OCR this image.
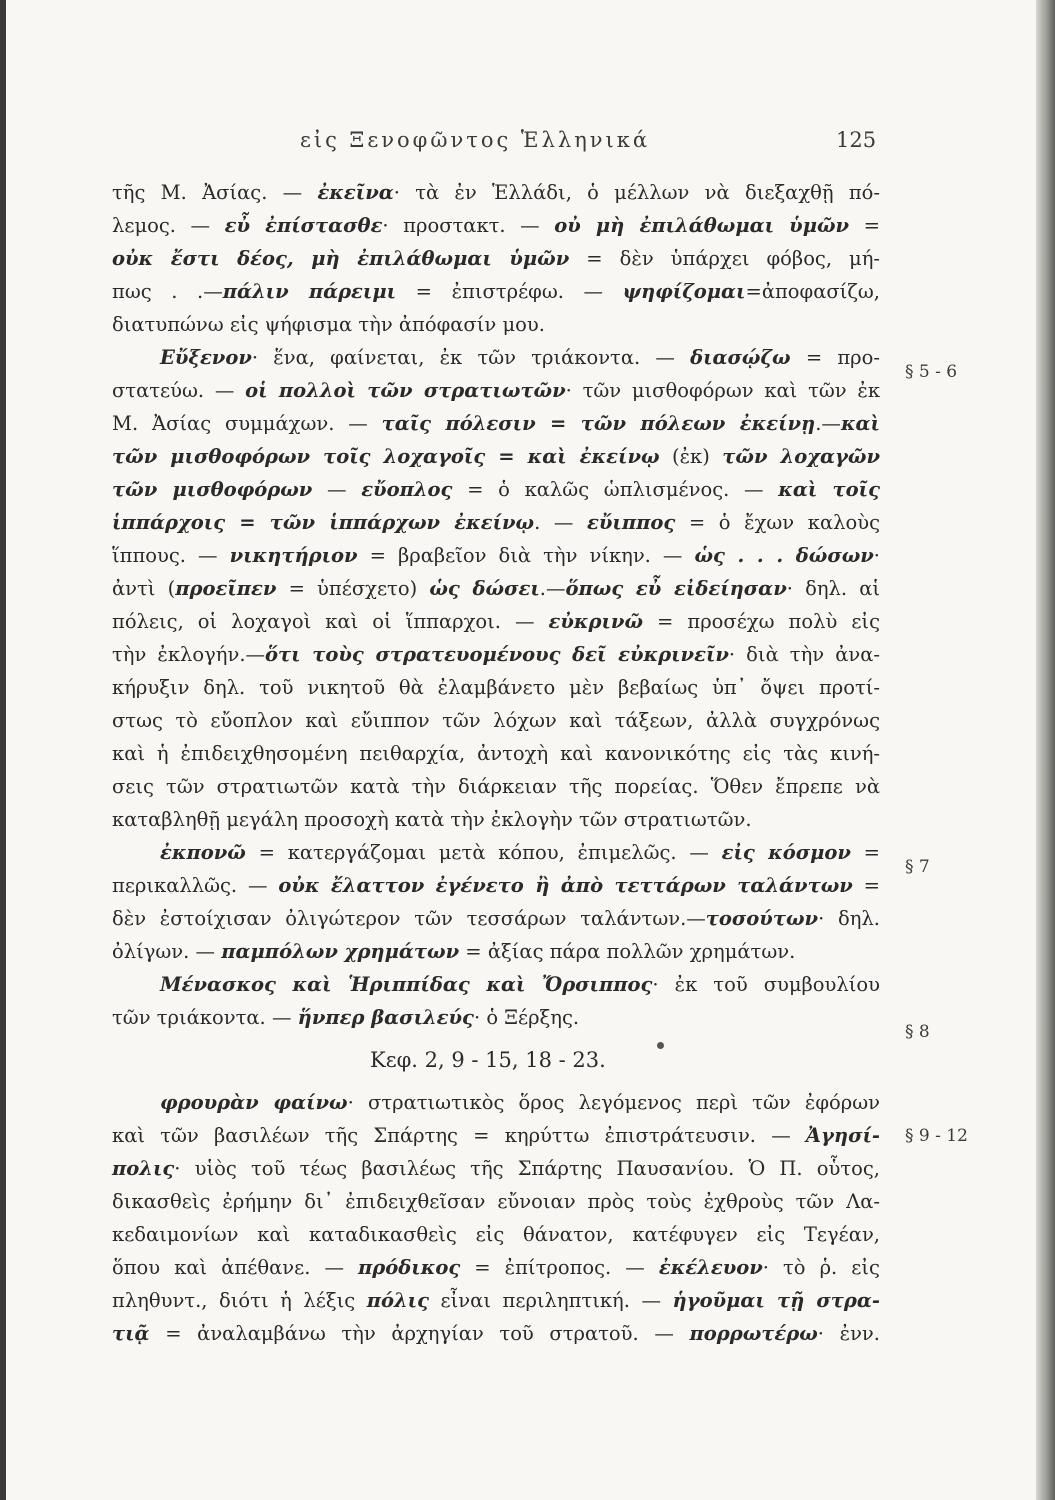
εἰς Ξενοφῶντος Ἑλληνικά	125
τῆς Μ. Ἀσίας. — ἐκεῖνα· τὰ ἐν Ἑλλάδι, ὁ μέλλων νὰ διεξαχθῇ πό-
λεμος. — εὖ ἐπίστασθε· προστακτ. — οὐ μὴ ἐπιλάθωμαι ὑμῶν =
οὐκ ἔστι δέος, μὴ ἐπιλάθωμαι ὑμῶν = δὲν ὑπάρχει φόβος, μή-
πως . .—πάλιν πάρειμι = ἐπιστρέφω. — ψηφίζομαι=ἀποφασίζω,
διατυπώνω εἰς ψήφισμα τὴν ἀπόφασίν μου.
Εὔξενον· ἕνα, φαίνεται, ἐκ τῶν τριάκοντα. — διασῴζω = προ-
στατεύω. — οἱ πολλοὶ τῶν στρατιωτῶν· τῶν μισθοφόρων καὶ τῶν ἐκ
Μ. Ἀσίας συμμάχων. — ταῖς πόλεσιν = τῶν πόλεων ἐκείνῃ.—καὶ
τῶν μισθοφόρων τοῖς λοχαγοῖς = καὶ ἐκείνῳ (ἐκ) τῶν λοχαγῶν
τῶν μισθοφόρων — εὔοπλος = ὁ καλῶς ὡπλισμένος. — καὶ τοῖς
ἱππάρχοις = τῶν ἱππάρχων ἐκείνῳ. — εὔιππος = ὁ ἔχων καλοὺς
ἵππους. — νικητήριον = βραβεῖον διὰ τὴν νίκην. — ὡς . . . δώσων·
ἀντὶ (προεῖπεν = ὑπέσχετο) ὡς δώσει.—ὅπως εὖ εἰδείησαν· δηλ. αἱ
πόλεις, οἱ λοχαγοὶ καὶ οἱ ἵππαρχοι. — εὐκρινῶ = προσέχω πολὺ εἰς
τὴν ἐκλογήν.—ὅτι τοὺς στρατευομένους δεῖ εὐκρινεῖν· διὰ τὴν ἀνα-
κήρυξιν δηλ. τοῦ νικητοῦ θὰ ἐλαμβάνετο μὲν βεβαίως ὑπ᾽ ὄψει προτί-
στως τὸ εὔοπλον καὶ εὔιππον τῶν λόχων καὶ τάξεων, ἀλλὰ συγχρόνως
καὶ ἡ ἐπιδειχθησομένη πειθαρχία, ἀντοχὴ καὶ κανονικότης εἰς τὰς κινή-
σεις τῶν στρατιωτῶν κατὰ τὴν διάρκειαν τῆς πορείας. Ὅθεν ἔπρεπε νὰ
καταβληθῇ μεγάλη προσοχὴ κατὰ τὴν ἐκλογὴν τῶν στρατιωτῶν.
ἐκπονῶ = κατεργάζομαι μετὰ κόπου, ἐπιμελῶς. — εἰς κόσμον =
περικαλλῶς. — οὐκ ἔλαττον ἐγένετο ἢ ἀπὸ τεττάρων ταλάντων =
δὲν ἐστοίχισαν ὀλιγώτερον τῶν τεσσάρων ταλάντων.—τοσούτων· δηλ.
ὀλίγων. — παμπόλων χρημάτων = ἀξίας πάρα πολλῶν χρημάτων.
Μένασκος καὶ Ἡριππίδας καὶ Ὄρσιππος· ἐκ τοῦ συμβουλίου
τῶν τριάκοντα. — ἥνπερ βασιλεύς· ὁ Ξέρξης.
Κεφ. 2, 9 - 15, 18 - 23.
φρουρὰν φαίνω· στρατιωτικὸς ὅρος λεγόμενος περὶ τῶν ἐφόρων
καὶ τῶν βασιλέων τῆς Σπάρτης = κηρύττω ἐπιστράτευσιν. — Ἀγησί-
πολις· υἱὸς τοῦ τέως βασιλέως τῆς Σπάρτης Παυσανίου. Ὁ Π. οὗτος,
δικασθεὶς ἐρήμην δι᾽ ἐπιδειχθεῖσαν εὔνοιαν πρὸς τοὺς ἐχθροὺς τῶν Λα-
κεδαιμονίων καὶ καταδικασθεὶς εἰς θάνατον, κατέφυγεν εἰς Τεγέαν,
ὅπου καὶ ἀπέθανε. — πρόδικος = ἐπίτροπος. — ἐκέλευον· τὸ ῥ. εἰς
πληθυντ., διότι ἡ λέξις πόλις εἶναι περιληπτική. — ἡγοῦμαι τῇ στρα-
τιᾷ = ἀναλαμβάνω τὴν ἀρχηγίαν τοῦ στρατοῦ. — πορρωτέρω· ἐνν.
§ 5 - 6
§ 7
§ 8
§ 9 - 12
